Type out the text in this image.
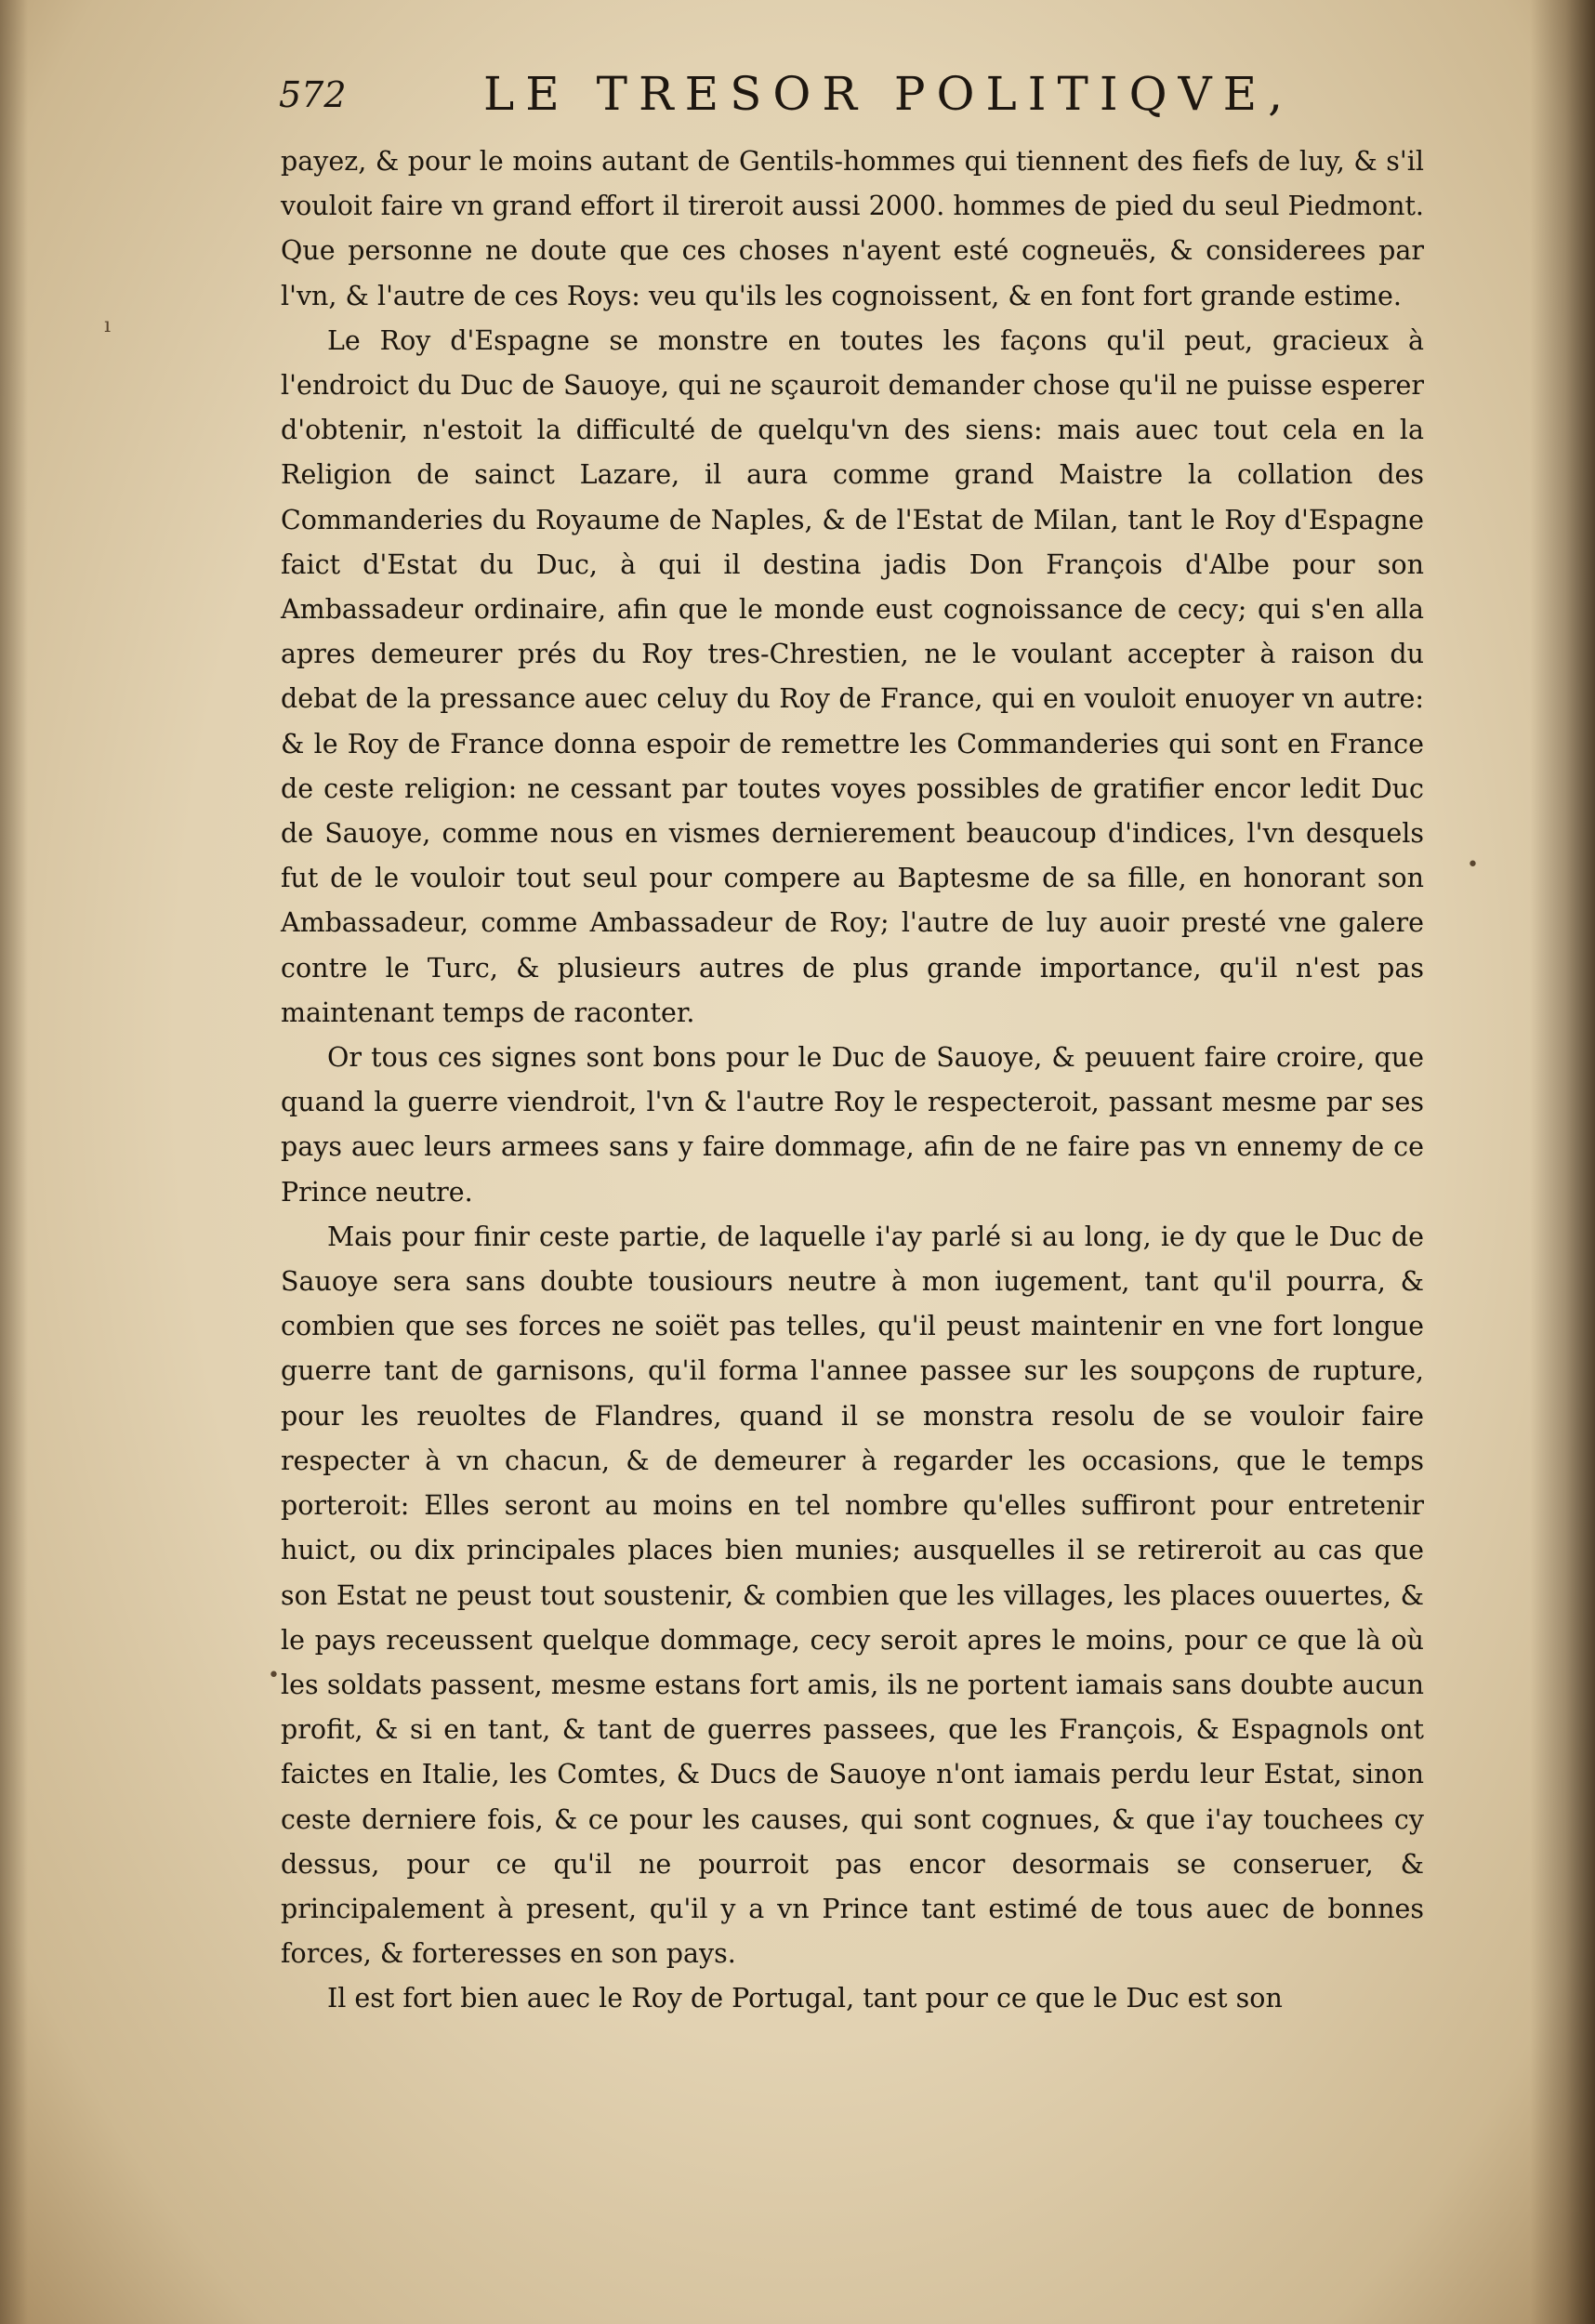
572	LE TRESOR POLITIQVE,

payez, & pour le moins autant de Gentils-hommes qui tiennent des fiefs de luy, & s'il vouloit faire vn grand effort il tireroit aussi 2000. hommes de pied du seul Piedmont. Que personne ne doute que ces choses n'ayent esté cogneuës, & considerees par l'vn, & l'autre de ces Roys: veu qu'ils les cognoissent, & en font fort grande estime.

Le Roy d'Espagne se monstre en toutes les façons qu'il peut, gracieux à l'endroict du Duc de Sauoye, qui ne sçauroit demander chose qu'il ne puisse esperer d'obtenir, n'estoit la difficulté de quelqu'vn des siens: mais auec tout cela en la Religion de sainct Lazare, il aura comme grand Maistre la collation des Commanderies du Royaume de Naples, & de l'Estat de Milan, tant le Roy d'Espagne faict d'Estat du Duc, à qui il destina jadis Don François d'Albe pour son Ambassadeur ordinaire, afin que le monde eust cognoissance de cecy; qui s'en alla apres demeurer prés du Roy tres-Chrestien, ne le voulant accepter à raison du debat de la pressance auec celuy du Roy de France, qui en vouloit enuoyer vn autre: & le Roy de France donna espoir de remettre les Commanderies qui sont en France de ceste religion: ne cessant par toutes voyes possibles de gratifier encor ledit Duc de Sauoye, comme nous en vismes dernierement beaucoup d'indices, l'vn desquels fut de le vouloir tout seul pour compere au Baptesme de sa fille, en honorant son Ambassadeur, comme Ambassadeur de Roy; l'autre de luy auoir presté vne galere contre le Turc, & plusieurs autres de plus grande importance, qu'il n'est pas maintenant temps de raconter.

Or tous ces signes sont bons pour le Duc de Sauoye, & peuuent faire croire, que quand la guerre viendroit, l'vn & l'autre Roy le respecteroit, passant mesme par ses pays auec leurs armees sans y faire dommage, afin de ne faire pas vn ennemy de ce Prince neutre.

Mais pour finir ceste partie, de laquelle i'ay parlé si au long, ie dy que le Duc de Sauoye sera sans doubte tousiours neutre à mon iugement, tant qu'il pourra, & combien que ses forces ne soiët pas telles, qu'il peust maintenir en vne fort longue guerre tant de garnisons, qu'il forma l'annee passee sur les soupçons de rupture, pour les reuoltes de Flandres, quand il se monstra resolu de se vouloir faire respecter à vn chacun, & de demeurer à regarder les occasions, que le temps porteroit: Elles seront au moins en tel nombre qu'elles suffiront pour entretenir huict, ou dix principales places bien munies; ausquelles il se retireroit au cas que son Estat ne peust tout soustenir, & combien que les villages, les places ouuertes, & le pays receussent quelque dommage, cecy seroit apres le moins, pour ce que là où les soldats passent, mesme estans fort amis, ils ne portent iamais sans doubte aucun profit, & si en tant, & tant de guerres passees, que les François, & Espagnols ont faictes en Italie, les Comtes, & Ducs de Sauoye n'ont iamais perdu leur Estat, sinon ceste derniere fois, & ce pour les causes, qui sont cognues, & que i'ay touchees cy dessus, pour ce qu'il ne pourroit pas encor desormais se conseruer, & principalement à present, qu'il y a vn Prince tant estimé de tous auec de bonnes forces, & forteresses en son pays.

Il est fort bien auec le Roy de Portugal, tant pour ce que le Duc est son

ı
•
•
